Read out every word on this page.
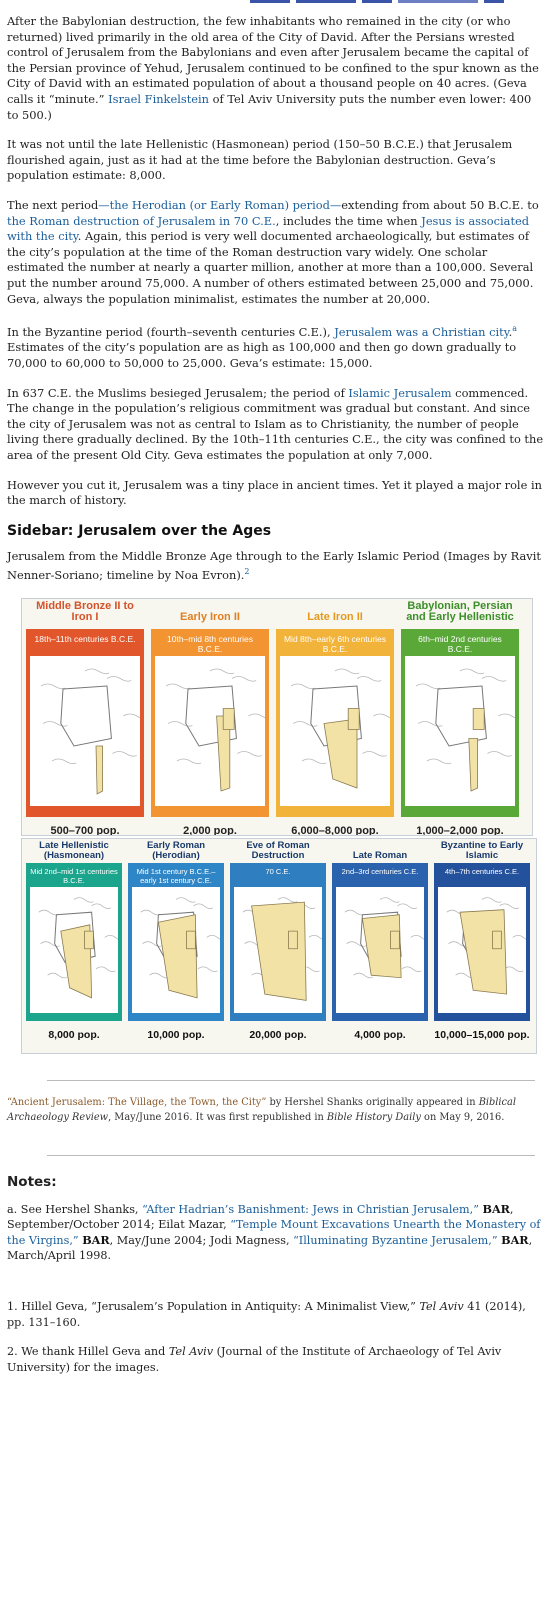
After the Babylonian destruction, the few inhabitants who remained in the city (or who returned) lived primarily in the old area of the City of David. After the Persians wrested control of Jerusalem from the Babylonians and even after Jerusalem became the capital of the Persian province of Yehud, Jerusalem continued to be confined to the spur known as the City of David with an estimated population of about a thousand people on 40 acres. (Geva calls it “minute.” Israel Finkelstein of Tel Aviv University puts the number even lower: 400 to 500.)

It was not until the late Hellenistic (Hasmonean) period (150–50 B.C.E.) that Jerusalem flourished again, just as it had at the time before the Babylonian destruction. Geva’s population estimate: 8,000.

The next period—the Herodian (or Early Roman) period—extending from about 50 B.C.E. to the Roman destruction of Jerusalem in 70 C.E., includes the time when Jesus is associated with the city. Again, this period is very well documented archaeologically, but estimates of the city’s population at the time of the Roman destruction vary widely. One scholar estimated the number at nearly a quarter million, another at more than a 100,000. Several put the number around 75,000. A number of others estimated between 25,000 and 75,000. Geva, always the population minimalist, estimates the number at 20,000.

In the Byzantine period (fourth–seventh centuries C.E.), Jerusalem was a Christian city.$^a$ Estimates of the city’s population are as high as 100,000 and then go down gradually to 70,000 to 60,000 to 50,000 to 25,000. Geva’s estimate: 15,000.

In 637 C.E. the Muslims besieged Jerusalem; the period of Islamic Jerusalem commenced. The change in the population’s religious commitment was gradual but constant. And since the city of Jerusalem was not as central to Islam as to Christianity, the number of people living there gradually declined. By the 10th–11th centuries C.E., the city was confined to the area of the present Old City. Geva estimates the population at only 7,000.

However you cut it, Jerusalem was a tiny place in ancient times. Yet it played a major role in the march of history.

Sidebar: Jerusalem over the Ages

Jerusalem from the Middle Bronze Age through to the Early Islamic Period (Images by Ravit Nenner-Soriano; timeline by Noa Evron).$^2$

Middle Bronze II to Iron I
18th–11th centuries B.C.E.
500–700 pop.
Early Iron II
10th–mid 8th centuries B.C.E.
2,000 pop.
Late Iron II
Mid 8th–early 6th centuries B.C.E.
6,000–8,000 pop.
Babylonian, Persian and Early Hellenistic
6th–mid 2nd centuries B.C.E.
1,000–2,000 pop.
Late Hellenistic (Hasmonean)
Mid 2nd–mid 1st centuries B.C.E.
8,000 pop.
Early Roman (Herodian)
Mid 1st century B.C.E.– early 1st century C.E.
10,000 pop.
Eve of Roman Destruction
70 C.E.
20,000 pop.
Late Roman
2nd–3rd centuries C.E.
4,000 pop.
Byzantine to Early Islamic
4th–7th centuries C.E.
10,000–15,000 pop.

“Ancient Jerusalem: The Village, the Town, the City” by Hershel Shanks originally appeared in Biblical Archaeology Review, May/June 2016. It was first republished in Bible History Daily on May 9, 2016.

Notes:

a. See Hershel Shanks, “After Hadrian’s Banishment: Jews in Christian Jerusalem,” BAR, September/October 2014; Eilat Mazar, “Temple Mount Excavations Unearth the Monastery of the Virgins,” BAR, May/June 2004; Jodi Magness, “Illuminating Byzantine Jerusalem,” BAR, March/April 1998.

1. Hillel Geva, “Jerusalem’s Population in Antiquity: A Minimalist View,” Tel Aviv 41 (2014), pp. 131–160.

2. We thank Hillel Geva and Tel Aviv (Journal of the Institute of Archaeology of Tel Aviv University) for the images.
